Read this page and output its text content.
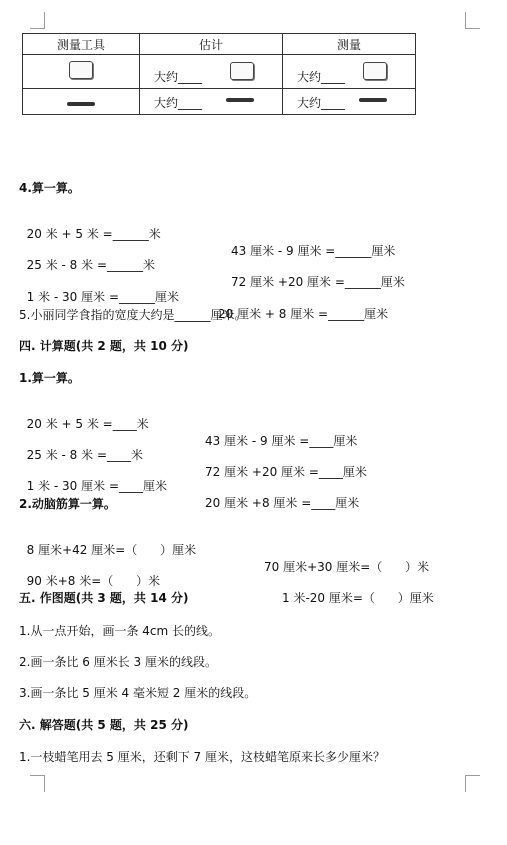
测量工具	估计	测量

	大约____	大约____

	大约____	大约____
4.算一算。

20 米 + 5 米 =______米

43 厘米 - 9 厘米 =______厘米

25 米 - 8 米 =______米

72 厘米 +20 厘米 =______厘米

1 米 - 30 厘米 =______厘米

20 厘米 + 8 厘米 =______厘米

5.小丽同学食指的宽度大约是______厘米。
四. 计算题(共 2 题，共 10 分)
1.算一算。

20 米 + 5 米 =____米

43 厘米 - 9 厘米 =____厘米

25 米 - 8 米 =____米

72 厘米 +20 厘米 =____厘米

1 米 - 30 厘米 =____厘米

20 厘米 +8 厘米 =____厘米

2.动脑筋算一算。

8 厘米+42 厘米=（      ）厘米

70 厘米+30 厘米=（      ）米

90 米+8 米=（      ）米

1 米-20 厘米=（      ）厘米

五. 作图题(共 3 题，共 14 分)
1.从一点开始，画一条 4cm 长的线。
2.画一条比 6 厘米长 3 厘米的线段。
3.画一条比 5 厘米 4 毫米短 2 厘米的线段。
六. 解答题(共 5 题，共 25 分)
1.一枝蜡笔用去 5 厘米，还剩下 7 厘米，这枝蜡笔原来长多少厘米？
